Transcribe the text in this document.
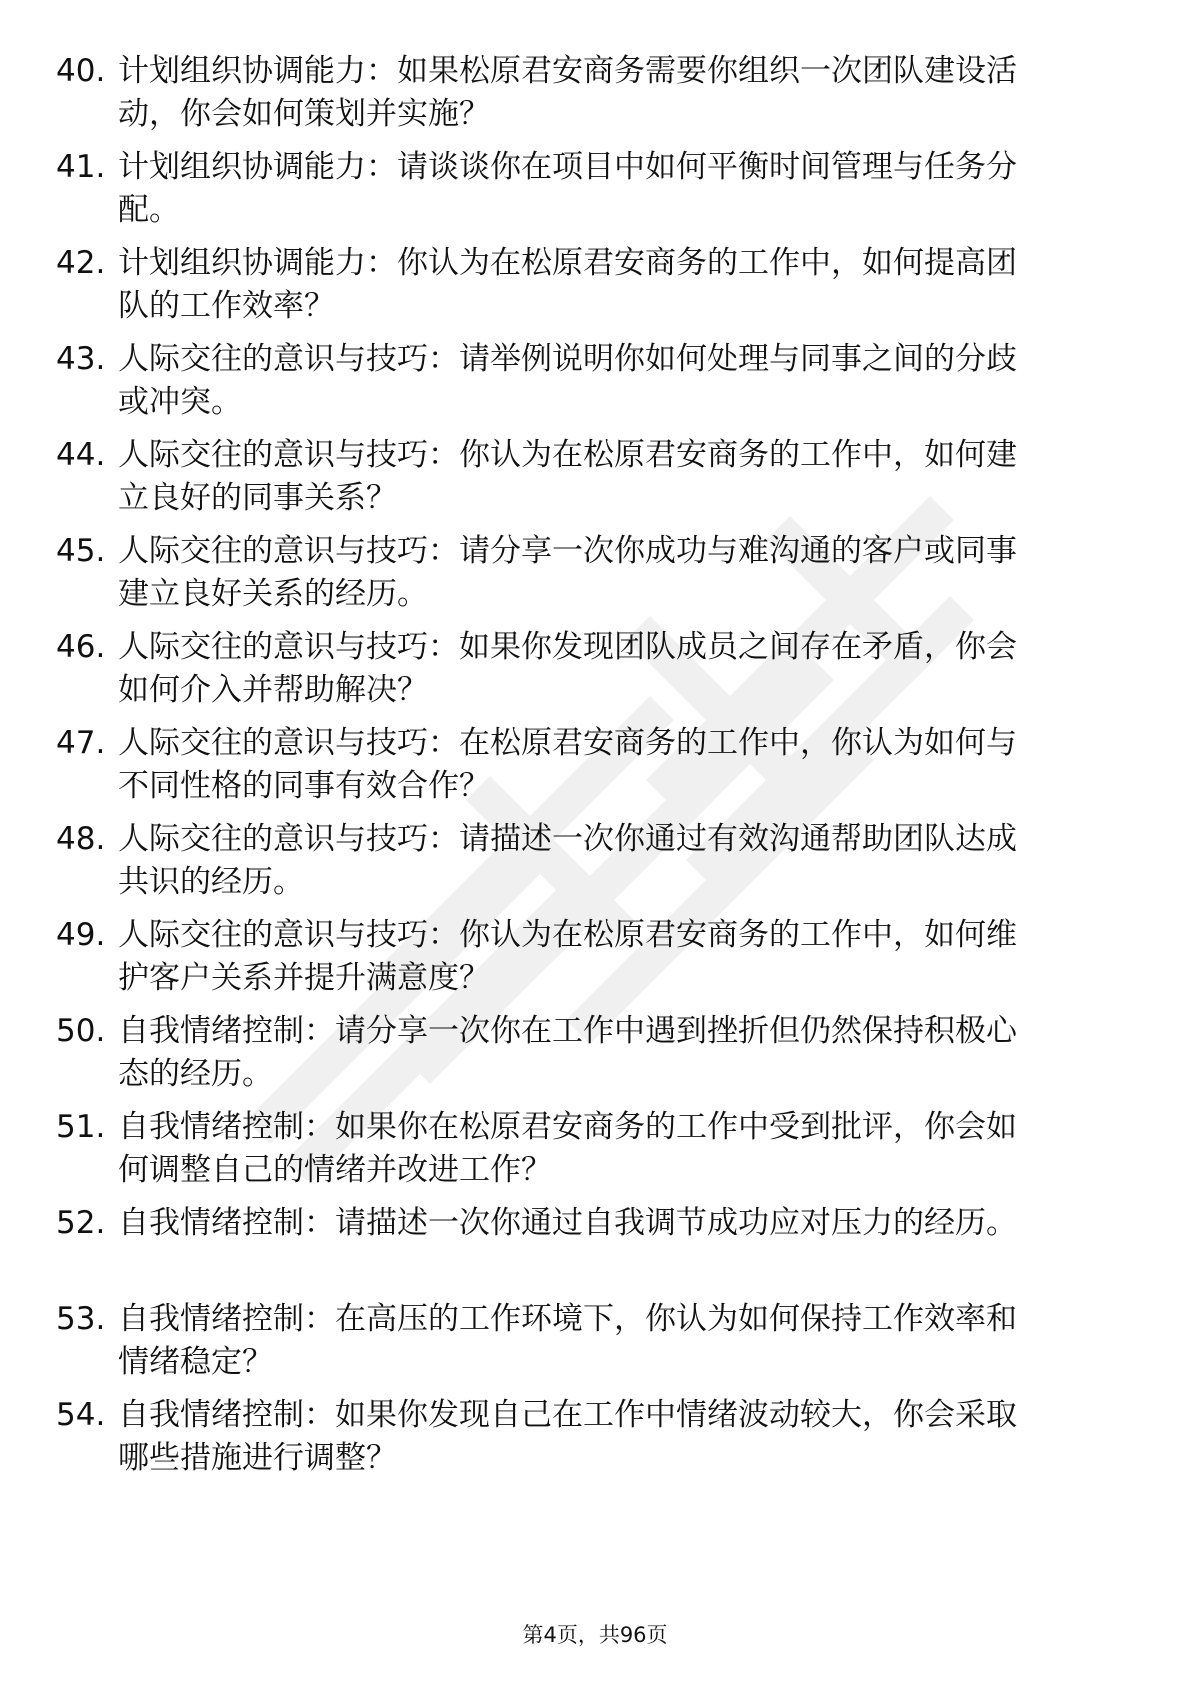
40. 计划组织协调能力：如果松原君安商务需要你组织一次团队建设活动，你会如何策划并实施？
41. 计划组织协调能力：请谈谈你在项目中如何平衡时间管理与任务分配。
42. 计划组织协调能力：你认为在松原君安商务的工作中，如何提高团队的工作效率？
43. 人际交往的意识与技巧：请举例说明你如何处理与同事之间的分歧或冲突。
44. 人际交往的意识与技巧：你认为在松原君安商务的工作中，如何建立良好的同事关系？
45. 人际交往的意识与技巧：请分享一次你成功与难沟通的客户或同事建立良好关系的经历。
46. 人际交往的意识与技巧：如果你发现团队成员之间存在矛盾，你会如何介入并帮助解决？
47. 人际交往的意识与技巧：在松原君安商务的工作中，你认为如何与不同性格的同事有效合作？
48. 人际交往的意识与技巧：请描述一次你通过有效沟通帮助团队达成共识的经历。
49. 人际交往的意识与技巧：你认为在松原君安商务的工作中，如何维护客户关系并提升满意度？
50. 自我情绪控制：请分享一次你在工作中遇到挫折但仍然保持积极心态的经历。
51. 自我情绪控制：如果你在松原君安商务的工作中受到批评，你会如何调整自己的情绪并改进工作？
52. 自我情绪控制：请描述一次你通过自我调节成功应对压力的经历。
53. 自我情绪控制：在高压的工作环境下，你认为如何保持工作效率和情绪稳定？
54. 自我情绪控制：如果你发现自己在工作中情绪波动较大，你会采取哪些措施进行调整？
第4页，共96页
